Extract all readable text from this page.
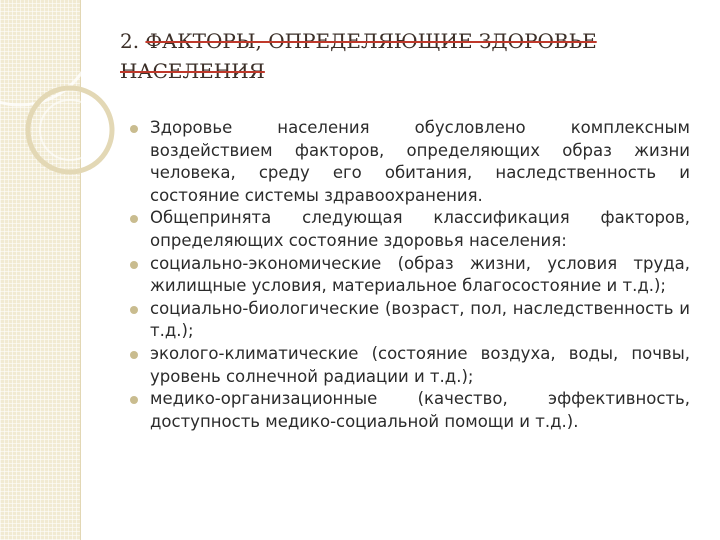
2. ФАКТОРЫ, ОПРЕДЕЛЯЮЩИЕ ЗДОРОВЬЕ НАСЕЛЕНИЯ
Здоровье населения обусловлено комплексным воздействием факторов, определяющих образ жизни человека, среду его обитания, наследственность и состояние системы здравоохранения.
Общепринята следующая классификация факторов, определяющих состояние здоровья населения:
социально-экономические (образ жизни, условия труда, жилищные условия, материальное благосостояние и т.д.);
социально-биологические (возраст, пол, наследственность и т.д.);
эколого-климатические (состояние воздуха, воды, почвы, уровень солнечной радиации и т.д.);
медико-организационные (качество, эффективность, доступность медико-социальной помощи и т.д.).
